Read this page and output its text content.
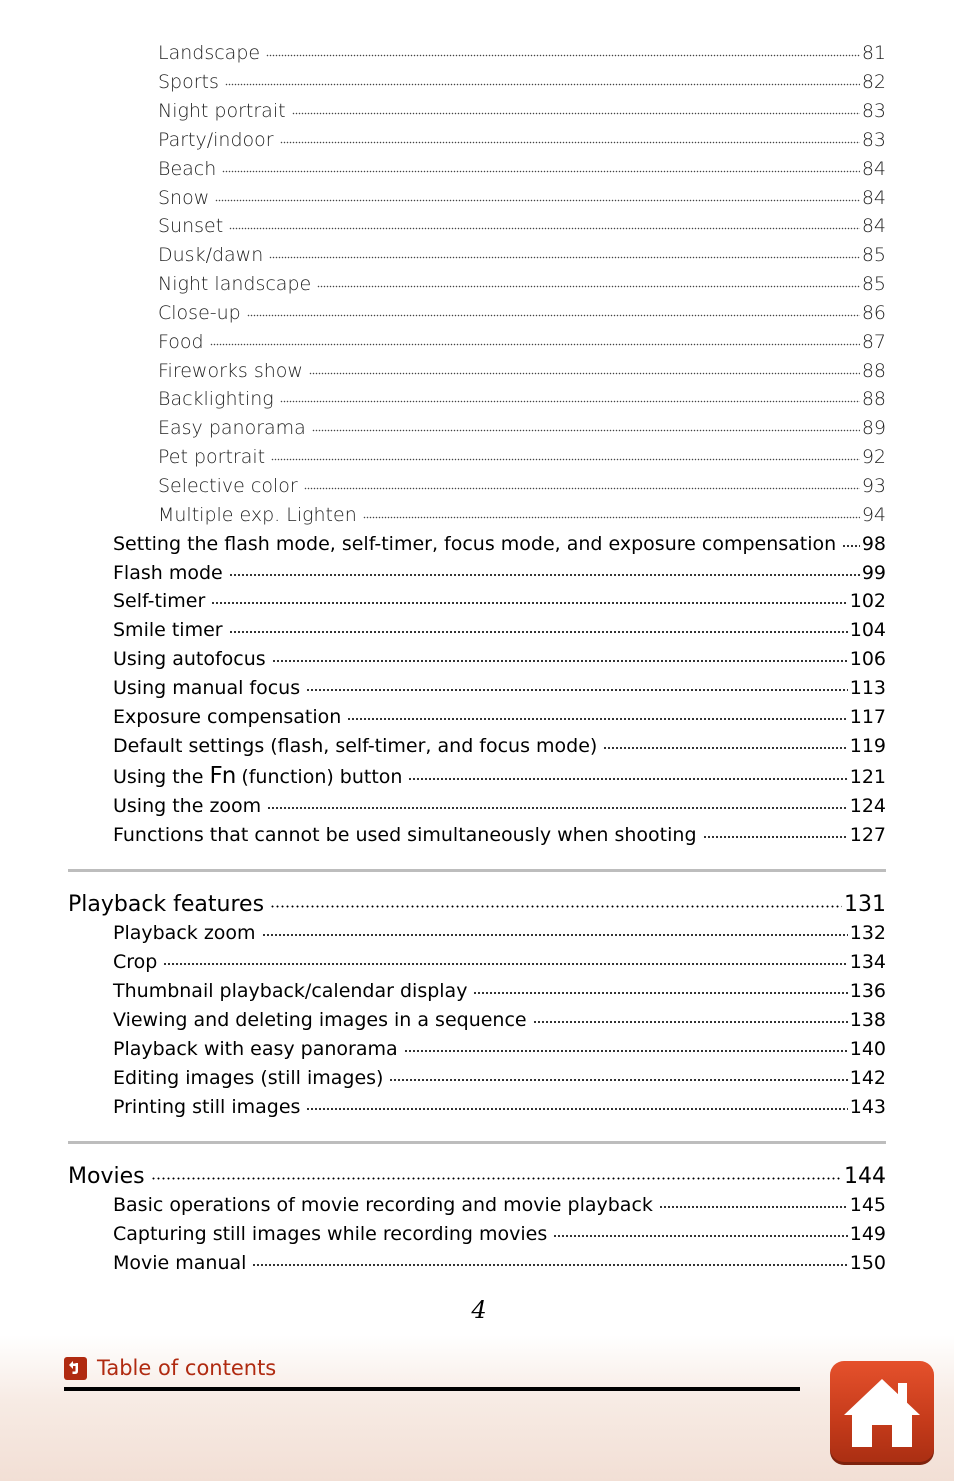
Landscape	81
Sports	82
Night portrait	83
Party/indoor	83
Beach	84
Snow	84
Sunset	84
Dusk/dawn	85
Night landscape	85
Close-up	86
Food	87
Fireworks show	88
Backlighting	88
Easy panorama	89
Pet portrait	92
Selective color	93
Multiple exp. Lighten	94
Setting the flash mode, self-timer, focus mode, and exposure compensation	98
Flash mode	99
Self-timer	102
Smile timer	104
Using autofocus	106
Using manual focus	113
Exposure compensation	117
Default settings (flash, self-timer, and focus mode)	119
Using the Fn (function) button	121
Using the zoom	124
Functions that cannot be used simultaneously when shooting	127
Playback features	131
Playback zoom	132
Crop	134
Thumbnail playback/calendar display	136
Viewing and deleting images in a sequence	138
Playback with easy panorama	140
Editing images (still images)	142
Printing still images	143
Movies	144
Basic operations of movie recording and movie playback	145
Capturing still images while recording movies	149
Movie manual	150
4
Table of contents
